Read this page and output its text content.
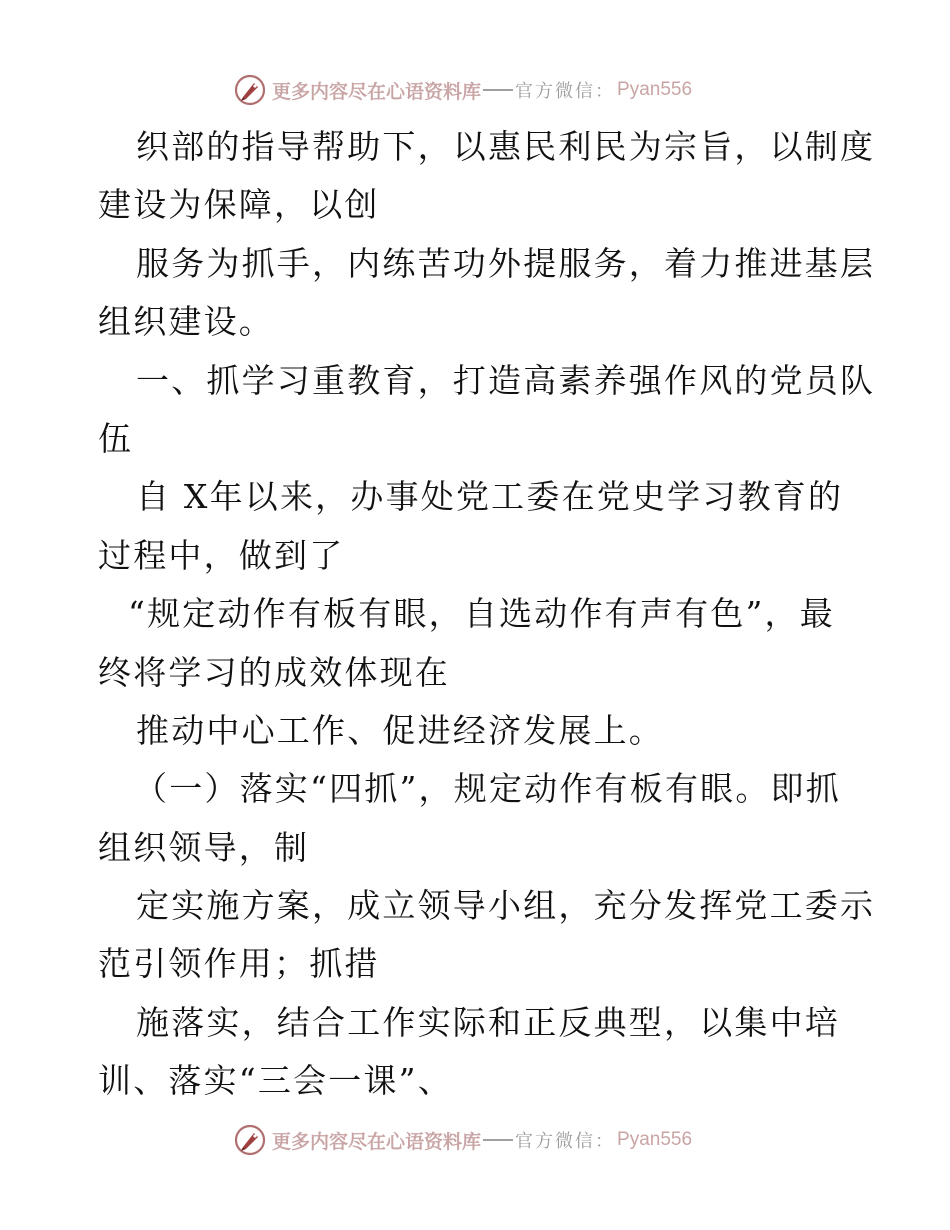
更多内容尽在心语资料库 官方微信： Pyan556
织部的指导帮助下，以惠民利民为宗旨，以制度
建设为保障，以创
服务为抓手，内练苦功外提服务，着力推进基层
组织建设。
一、抓学习重教育，打造高素养强作风的党员队
伍
自 X年以来，办事处党工委在党史学习教育的
过程中，做到了
“规定动作有板有眼，自选动作有声有色”，最
终将学习的成效体现在
推动中心工作、促进经济发展上。
（一）落实“四抓”，规定动作有板有眼。即抓
组织领导，制
定实施方案，成立领导小组，充分发挥党工委示
范引领作用；抓措
施落实，结合工作实际和正反典型，以集中培
训、落实“三会一课”、
更多内容尽在心语资料库 官方微信： Pyan556
